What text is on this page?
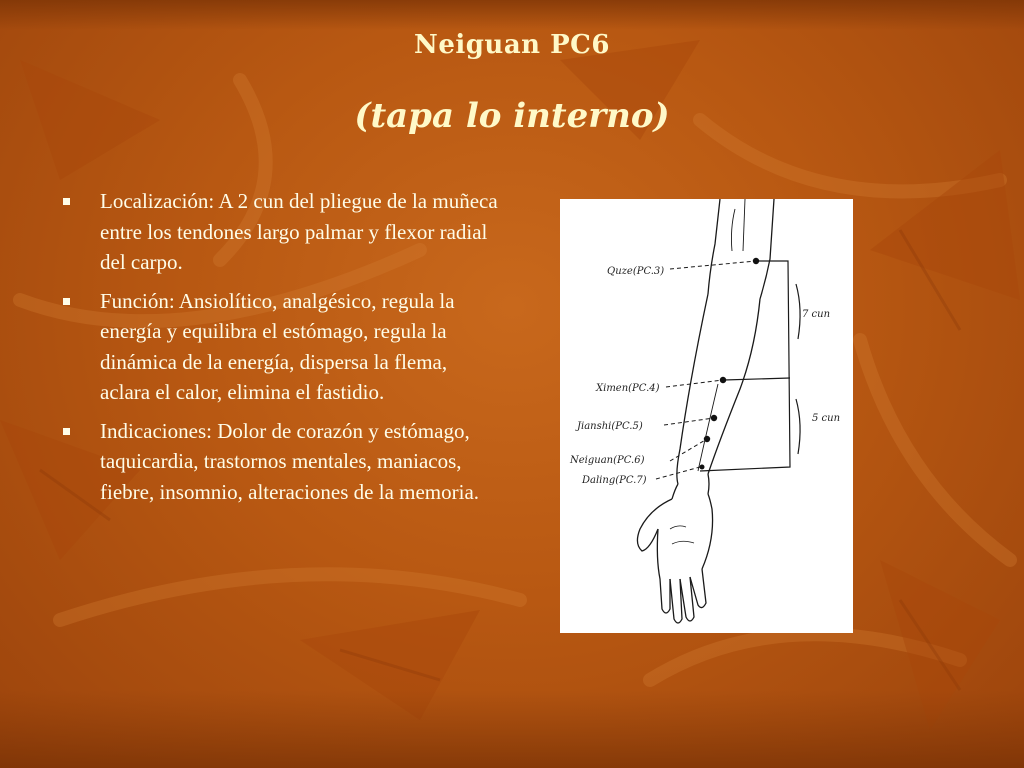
Neiguan PC6
(tapa lo interno)
Localización: A 2 cun del pliegue de la muñeca entre los tendones largo palmar y flexor radial del carpo.
Función: Ansiolítico, analgésico, regula la energía y equilibra el estómago, regula la dinámica de la energía, dispersa la flema, aclara el calor, elimina el fastidio.
Indicaciones: Dolor de corazón y estómago, taquicardia, trastornos mentales, maniacos, fiebre, insomnio, alteraciones de la memoria.
Quze(PC.3)
Ximen(PC.4)
Jianshi(PC.5)
Neiguan(PC.6)
Daling(PC.7)
7 cun
5 cun
